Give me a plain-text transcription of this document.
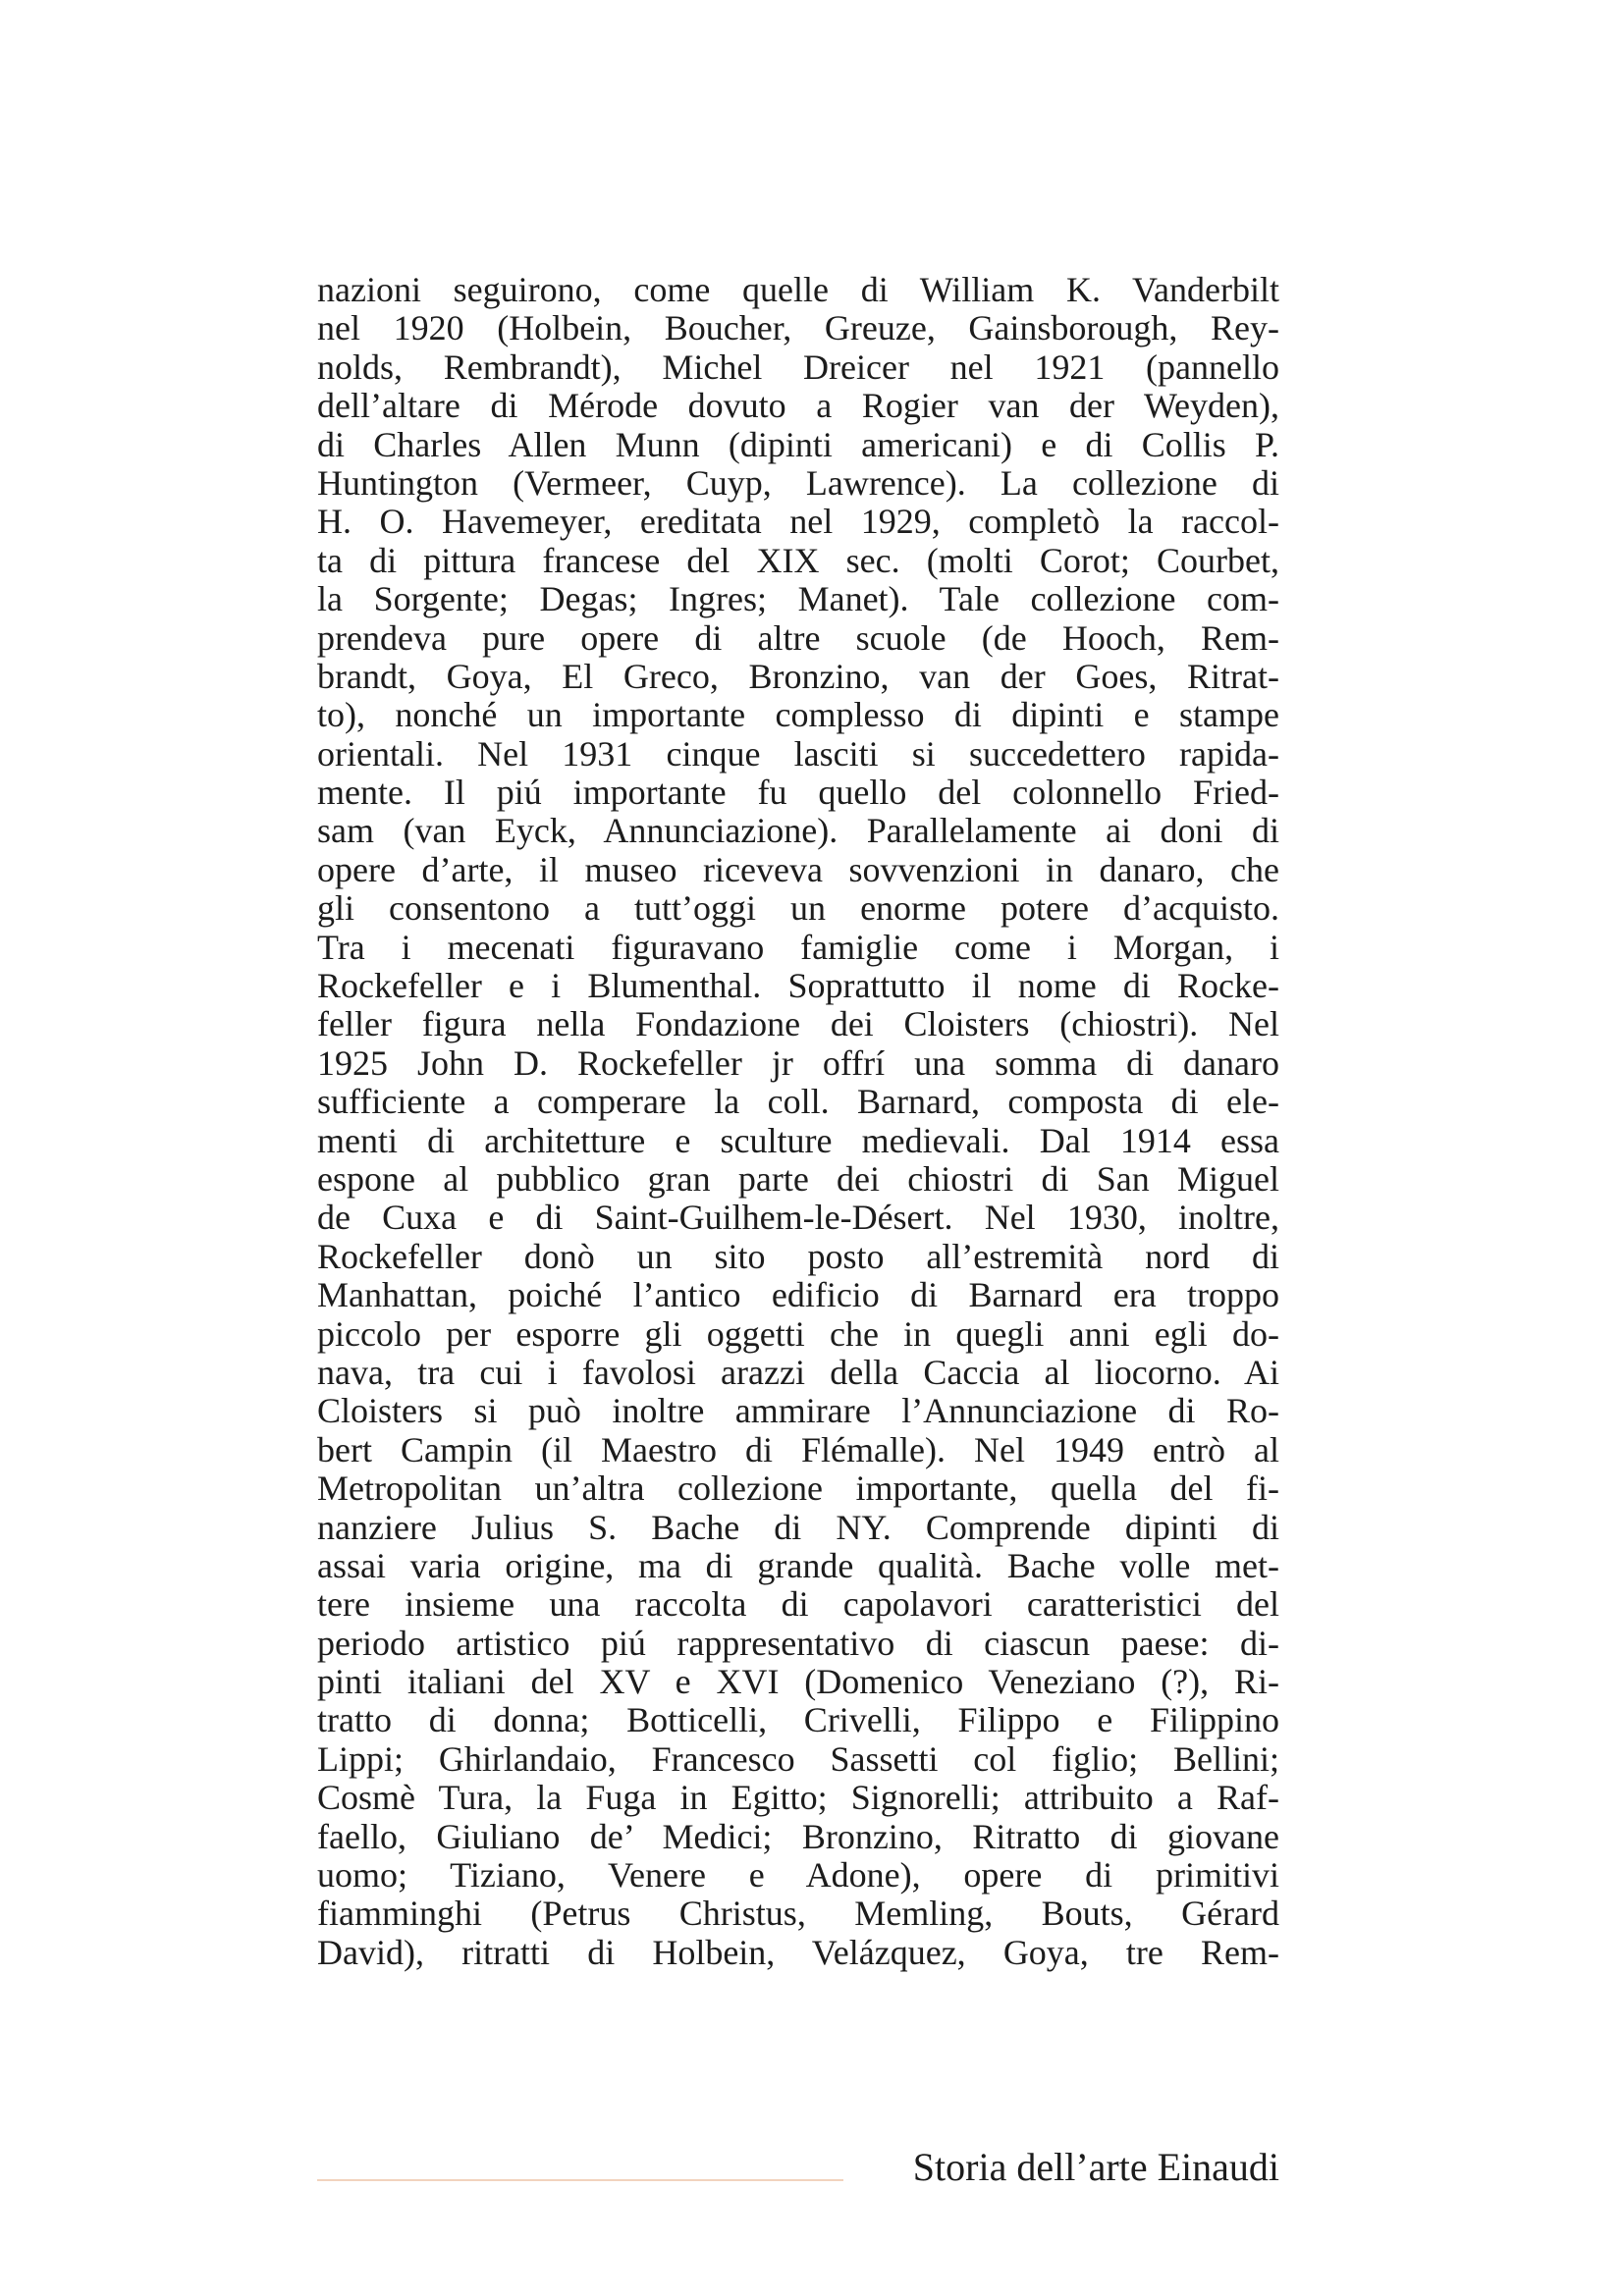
nazioni seguirono, come quelle di William K. Vanderbilt
nel 1920 (Holbein, Boucher, Greuze, Gainsborough, Rey-
nolds, Rembrandt), Michel Dreicer nel 1921 (pannello
dell’altare di Mérode dovuto a Rogier van der Weyden),
di Charles Allen Munn (dipinti americani) e di Collis P.
Huntington (Vermeer, Cuyp, Lawrence). La collezione di
H. O. Havemeyer, ereditata nel 1929, completò la raccol-
ta di pittura francese del XIX sec. (molti Corot; Courbet,
la Sorgente; Degas; Ingres; Manet). Tale collezione com-
prendeva pure opere di altre scuole (de Hooch, Rem-
brandt, Goya, El Greco, Bronzino, van der Goes, Ritrat-
to), nonché un importante complesso di dipinti e stampe
orientali. Nel 1931 cinque lasciti si succedettero rapida-
mente. Il piú importante fu quello del colonnello Fried-
sam (van Eyck, Annunciazione). Parallelamente ai doni di
opere d’arte, il museo riceveva sovvenzioni in danaro, che
gli consentono a tutt’oggi un enorme potere d’acquisto.
Tra i mecenati figuravano famiglie come i Morgan, i
Rockefeller e i Blumenthal. Soprattutto il nome di Rocke-
feller figura nella Fondazione dei Cloisters (chiostri). Nel
1925 John D. Rockefeller jr offrí una somma di danaro
sufficiente a comperare la coll. Barnard, composta di ele-
menti di architetture e sculture medievali. Dal 1914 essa
espone al pubblico gran parte dei chiostri di San Miguel
de Cuxa e di Saint-Guilhem-le-Désert. Nel 1930, inoltre,
Rockefeller donò un sito posto all’estremità nord di
Manhattan, poiché l’antico edificio di Barnard era troppo
piccolo per esporre gli oggetti che in quegli anni egli do-
nava, tra cui i favolosi arazzi della Caccia al liocorno. Ai
Cloisters si può inoltre ammirare l’Annunciazione di Ro-
bert Campin (il Maestro di Flémalle). Nel 1949 entrò al
Metropolitan un’altra collezione importante, quella del fi-
nanziere Julius S. Bache di NY. Comprende dipinti di
assai varia origine, ma di grande qualità. Bache volle met-
tere insieme una raccolta di capolavori caratteristici del
periodo artistico piú rappresentativo di ciascun paese: di-
pinti italiani del XV e XVI (Domenico Veneziano (?), Ri-
tratto di donna; Botticelli, Crivelli, Filippo e Filippino
Lippi; Ghirlandaio, Francesco Sassetti col figlio; Bellini;
Cosmè Tura, la Fuga in Egitto; Signorelli; attribuito a Raf-
faello, Giuliano de’ Medici; Bronzino, Ritratto di giovane
uomo; Tiziano, Venere e Adone), opere di primitivi
fiamminghi (Petrus Christus, Memling, Bouts, Gérard
David), ritratti di Holbein, Velázquez, Goya, tre Rem-
Storia dell’arte Einaudi
